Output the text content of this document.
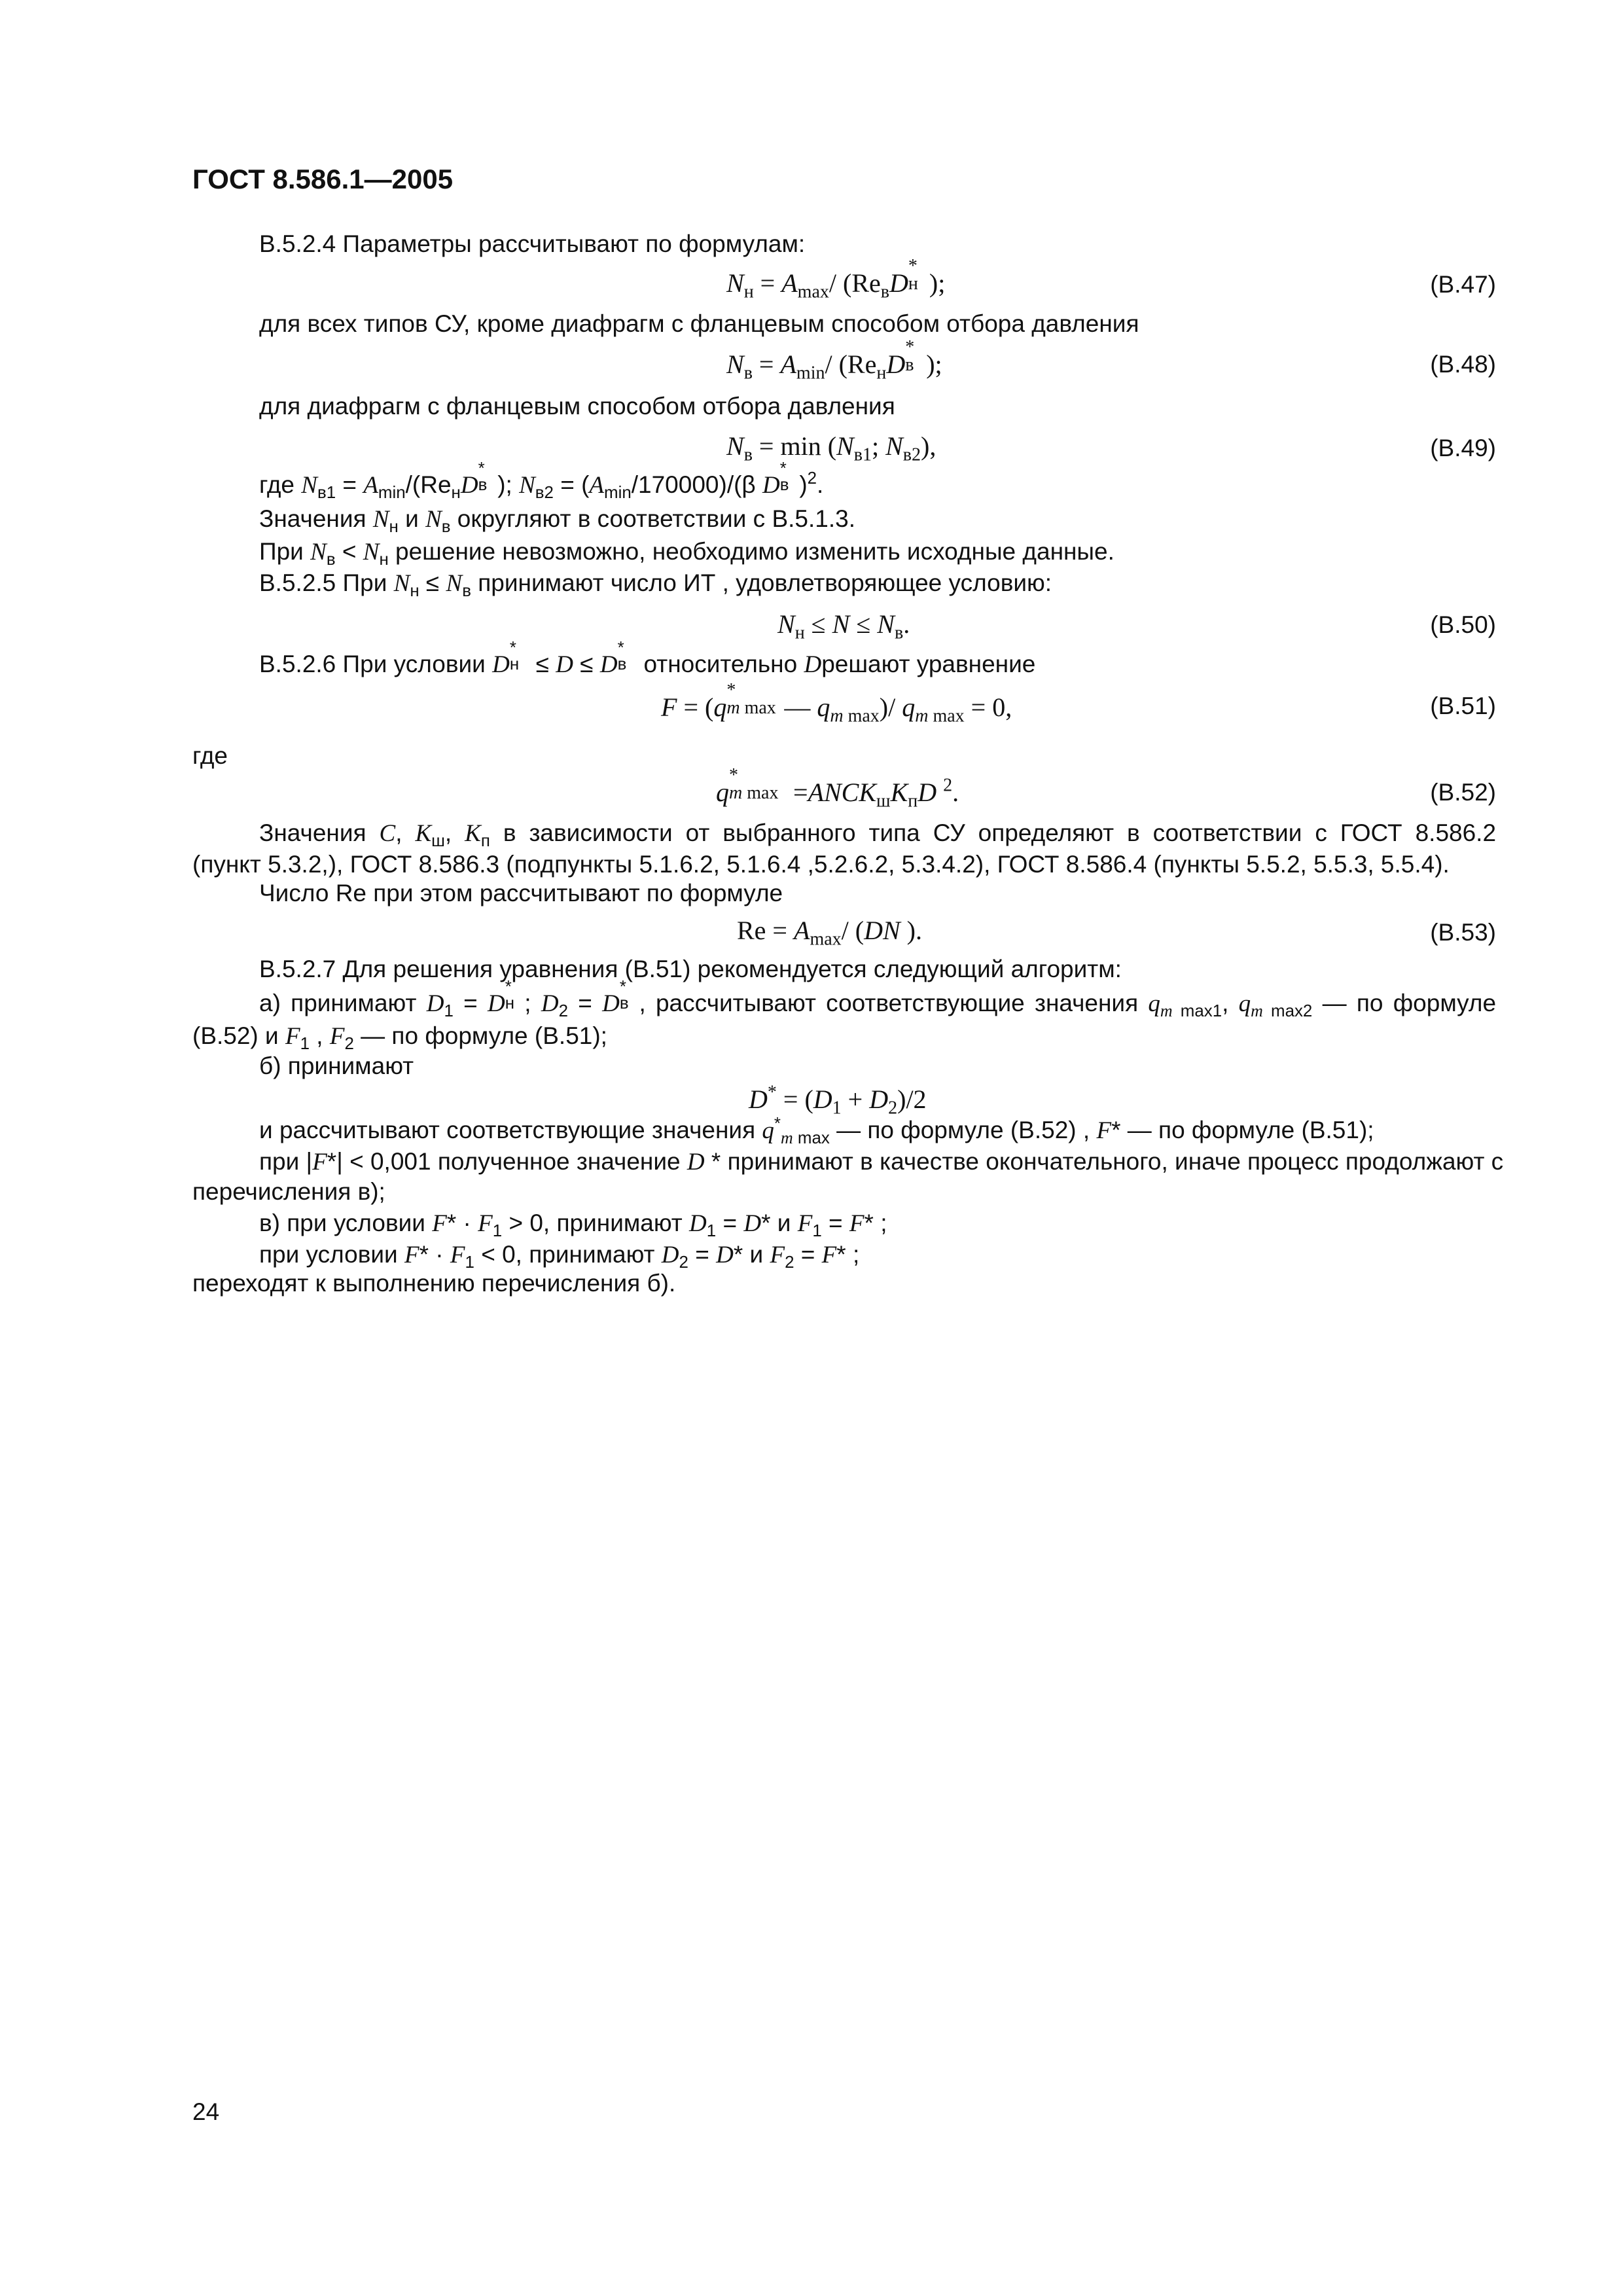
ГОСТ 8.586.1—2005
В.5.2.4 Параметры рассчитывают по формулам:
$N_н = A_{max}/$ ($Re_вD$
*
н );	(В.47)
для всех типов СУ, кроме диафрагм с фланцевым способом отбора давления
$N_в = A_{min}/$ ($Re_нD$
*
в );	(В.48)
для диафрагм с фланцевым способом отбора давления
$N_в = \min (N_{в1}$; $N_{в2}$),	(В.49)
где $N_{в1} = A_{min}/(Re_нD$
*
в ); $N_{в2} = (A_{min}/170000)/(\beta$ D
*
в )$^2$.
Значения $N_н$ и $N_в$ округляют в соответствии с В.5.1.3.
При $N_в < N_н$ решение невозможно, необходимо изменить исходные данные.
В.5.2.5 При $N_н \le N_в$ принимают число ИТ , удовлетворяющее условию:
$N_н \le N \le N_в$.	(В.50)
В.5.2.6 При условии D
*
н ≤ D ≤ D
*
в относительно Dрешают уравнение
F = (q
*
m max — $q_{m max})/$ $q_{m max} = 0$,	(В.51)
где
q
*
m $\max =ANCK_шK_пD$ $^2$.	(В.52)
Значения C, $K_ш$, $K_п$ в зависимости от выбранного типа СУ определяют в соответствии с ГОСТ 8.586.2
(пункт 5.3.2,), ГОСТ 8.586.3 (подпункты 5.1.6.2, 5.1.6.4 ,5.2.6.2, 5.3.4.2), ГОСТ 8.586.4 (пункты 5.5.2, 5.5.3, 5.5.4).
Число Re при этом рассчитывают по формуле
$Re = A_{max}/$ (DN ).	(В.53)
В.5.2.7 Для решения уравнения (В.51) рекомендуется следующий алгоритм:
а) принимают $D_1 = D$
*
н ; $D_2 = D$
*
в , рассчитывают соответствующие значения $q_{m max1}$, $q_{m max2}$ — по формуле
(В.52) и $F_1$ , $F_2$ — по формуле (В.51);
б) принимают
$D^* = (D_1 + D_2)/2$
и рассчитывают соответствующие значения $q^*_{m max}$ — по формуле (В.52) , F* — по формуле (В.51);
при |F*| < 0,001 полученное значение D * принимают в качестве окончательного, иначе процесс продолжают с
перечисления в);
в) при условии $F* \cdot F_1 > 0$, принимают $D_1 = D*$ и $F_1 = F*$ ;
при условии $F* \cdot F_1 < 0$, принимают $D_2 = D*$ и $F_2 = F*$ ;
переходят к выполнению перечисления б).
24
